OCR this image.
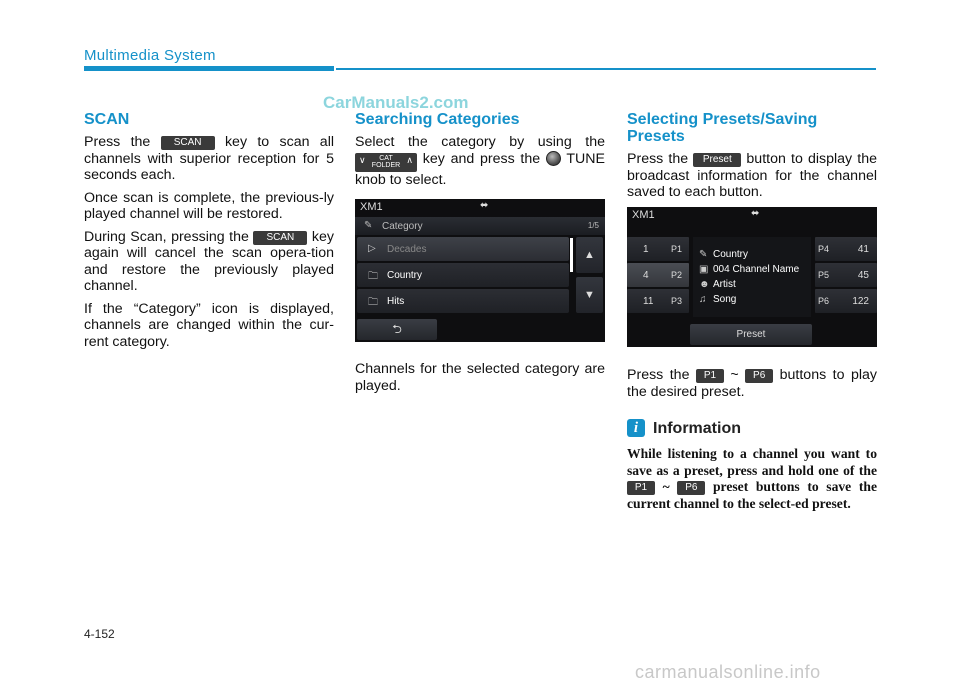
Multimedia System
CarManuals2.com
SCAN

Press the SCAN key to scan all channels with superior reception for 5 seconds each.

Once scan is complete, the previous-ly played channel will be restored.

During Scan, pressing the SCAN key again will cancel the scan opera-tion and restore the previously played channel.

If the “Category” icon is displayed, channels are changed within the cur-rent category.

Searching Categories

Select the category by using the
∨ CAT
FOLDER
∧ key and press the  TUNE knob to select.

Channels for the selected category are played.

XM1	⬌
✎ Category	1/5
▷ Decades
🗀 Country
🗀 Hits
▲
▼
⮌
Selecting Presets/Saving Presets

Press the Preset button to display the broadcast information for the channel saved to each button.

XM1	⬌
1 P1
4 P2
11 P3
✎ Country
▣ 004 Channel Name
☻ Artist
♫ Song
P4	41
P5	45
P6 122
Preset

Press the P1 ~ P6 buttons to play the desired preset.

i Information
While listening to a channel you want to save as a preset, press and hold one of the P1 ~ P6 preset buttons to save the current channel to the select-ed preset.
4-152
carmanualsonline.info
